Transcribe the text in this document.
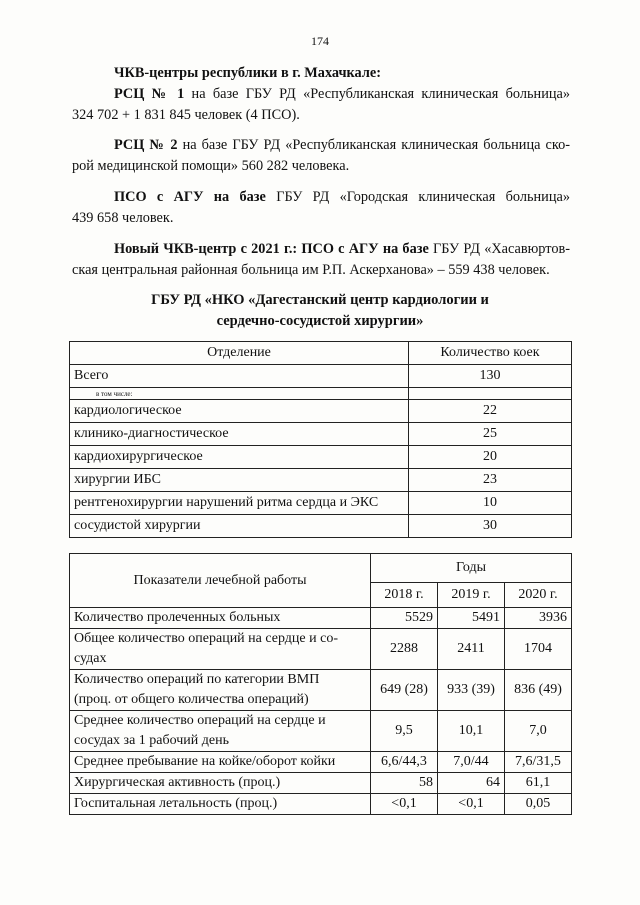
174
ЧКВ-центры республики в г. Махачкале:
РСЦ № 1 на базе ГБУ РД «Республиканская клиническая больница»
324 702 + 1 831 845 человек (4 ПСО).
РСЦ № 2 на базе ГБУ РД «Республиканская клиническая больница ско-
рой медицинской помощи» 560 282 человека.
ПСО с АГУ на базе ГБУ РД «Городская клиническая больница»
439 658 человек.
Новый ЧКВ-центр с 2021 г.: ПСО с АГУ на базе ГБУ РД «Хасавюртов-
ская центральная районная больница им Р.П. Аскерханова» – 559 438 человек.
ГБУ РД «НКО «Дагестанский центр кардиологии и
сердечно-сосудистой хирургии»
Отделение	Количество коек
Всего	130
в том числе:	
кардиологическое	22
клинико-диагностическое	25
кардиохирургическое	20
хирургии ИБС	23
рентгенохирургии нарушений ритма сердца и ЭКС	10
сосудистой хирургии	30
Показатели лечебной работы	Годы		
	2018 г.	2019 г.	2020 г.
Количество пролеченных больных	5529	5491	3936

Общее количество операций на сердце и со-
судах	2288	2411	1704

Количество операций по категории ВМП
(проц. от общего количества операций)	649 (28)	933 (39)	836 (49)

Среднее количество операций на сердце и
сосудах за 1 рабочий день	9,5	10,1	7,0
Среднее пребывание на койке/оборот койки	6,6/44,3	7,0/44	7,6/31,5
Хирургическая активность (проц.)	58	64	61,1
Госпитальная летальность (проц.)	<0,1	<0,1	0,05
